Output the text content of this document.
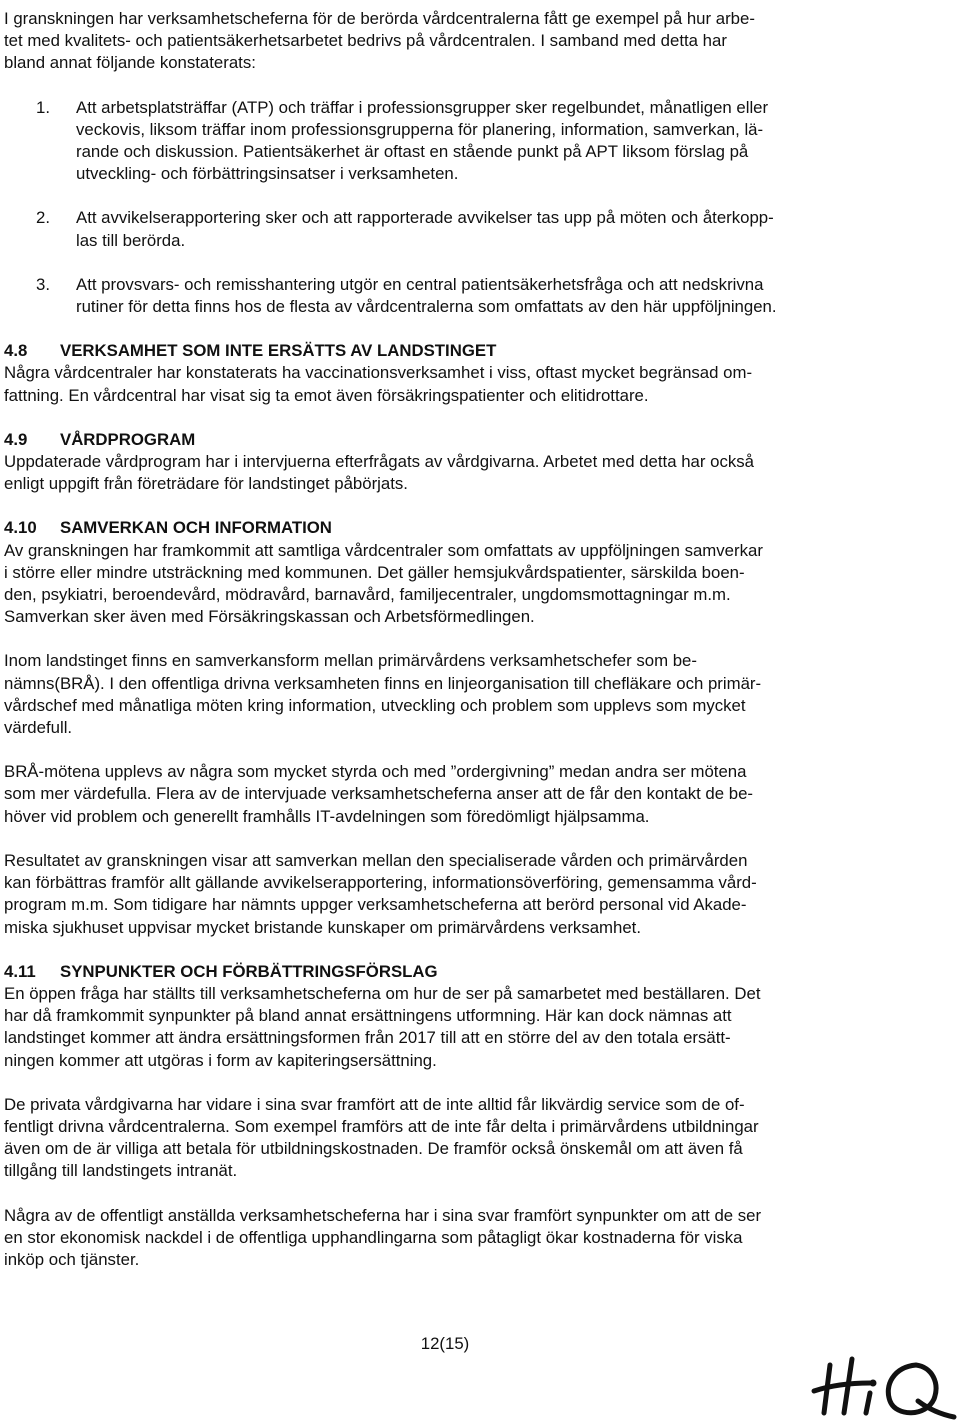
I granskningen har verksamhetscheferna för de berörda vårdcentralerna fått ge exempel på hur arbe-
tet med kvalitets- och patientsäkerhetsarbetet bedrivs på vårdcentralen. I samband med detta har
bland annat följande konstaterats:

1. Att arbetsplatsträffar (ATP) och träffar i professionsgrupper sker regelbundet, månatligen eller
veckovis, liksom träffar inom professionsgrupperna för planering, information, samverkan, lä-
rande och diskussion. Patientsäkerhet är oftast en stående punkt på APT liksom förslag på
utveckling- och förbättringsinsatser i verksamheten.
2. Att avvikelserapportering sker och att rapporterade avvikelser tas upp på möten och återkopp-
las till berörda.
3. Att provsvars- och remisshantering utgör en central patientsäkerhetsfråga och att nedskrivna
rutiner för detta finns hos de flesta av vårdcentralerna som omfattats av den här uppföljningen.
4.8 VERKSAMHET SOM INTE ERSÄTTS AV LANDSTINGET

Några vårdcentraler har konstaterats ha vaccinationsverksamhet i viss, oftast mycket begränsad om-
fattning. En vårdcentral har visat sig ta emot även försäkringspatienter och elitidrottare.

4.9 VÅRDPROGRAM

Uppdaterade vårdprogram har i intervjuerna efterfrågats av vårdgivarna. Arbetet med detta har också
enligt uppgift från företrädare för landstinget påbörjats.

4.10 SAMVERKAN OCH INFORMATION

Av granskningen har framkommit att samtliga vårdcentraler som omfattats av uppföljningen samverkar
i större eller mindre utsträckning med kommunen. Det gäller hemsjukvårdspatienter, särskilda boen-
den, psykiatri, beroendevård, mödravård, barnavård, familjecentraler, ungdomsmottagningar m.m.
Samverkan sker även med Försäkringskassan och Arbetsförmedlingen.

Inom landstinget finns en samverkansform mellan primärvårdens verksamhetschefer som be-
nämns(BRÅ). I den offentliga drivna verksamheten finns en linjeorganisation till chefläkare och primär-
vårdschef med månatliga möten kring information, utveckling och problem som upplevs som mycket
värdefull.

BRÅ-mötena upplevs av några som mycket styrda och med ”ordergivning” medan andra ser mötena
som mer värdefulla. Flera av de intervjuade verksamhetscheferna anser att de får den kontakt de be-
höver vid problem och generellt framhålls IT-avdelningen som föredömligt hjälpsamma.

Resultatet av granskningen visar att samverkan mellan den specialiserade vården och primärvården
kan förbättras framför allt gällande avvikelserapportering, informationsöverföring, gemensamma vård-
program m.m. Som tidigare har nämnts uppger verksamhetscheferna att berörd personal vid Akade-
miska sjukhuset uppvisar mycket bristande kunskaper om primärvårdens verksamhet.

4.11 SYNPUNKTER OCH FÖRBÄTTRINGSFÖRSLAG

En öppen fråga har ställts till verksamhetscheferna om hur de ser på samarbetet med beställaren. Det
har då framkommit synpunkter på bland annat ersättningens utformning. Här kan dock nämnas att
landstinget kommer att ändra ersättningsformen från 2017 till att en större del av den totala ersätt-
ningen kommer att utgöras i form av kapiteringsersättning.

De privata vårdgivarna har vidare i sina svar framfört att de inte alltid får likvärdig service som de of-
fentligt drivna vårdcentralerna. Som exempel framförs att de inte får delta i primärvårdens utbildningar
även om de är villiga att betala för utbildningskostnaden. De framför också önskemål om att även få
tillgång till landstingets intranät.

Några av de offentligt anställda verksamhetscheferna har i sina svar framfört synpunkter om att de ser
en stor ekonomisk nackdel i de offentliga upphandlingarna som påtagligt ökar kostnaderna för viska
inköp och tjänster.

12(15)
